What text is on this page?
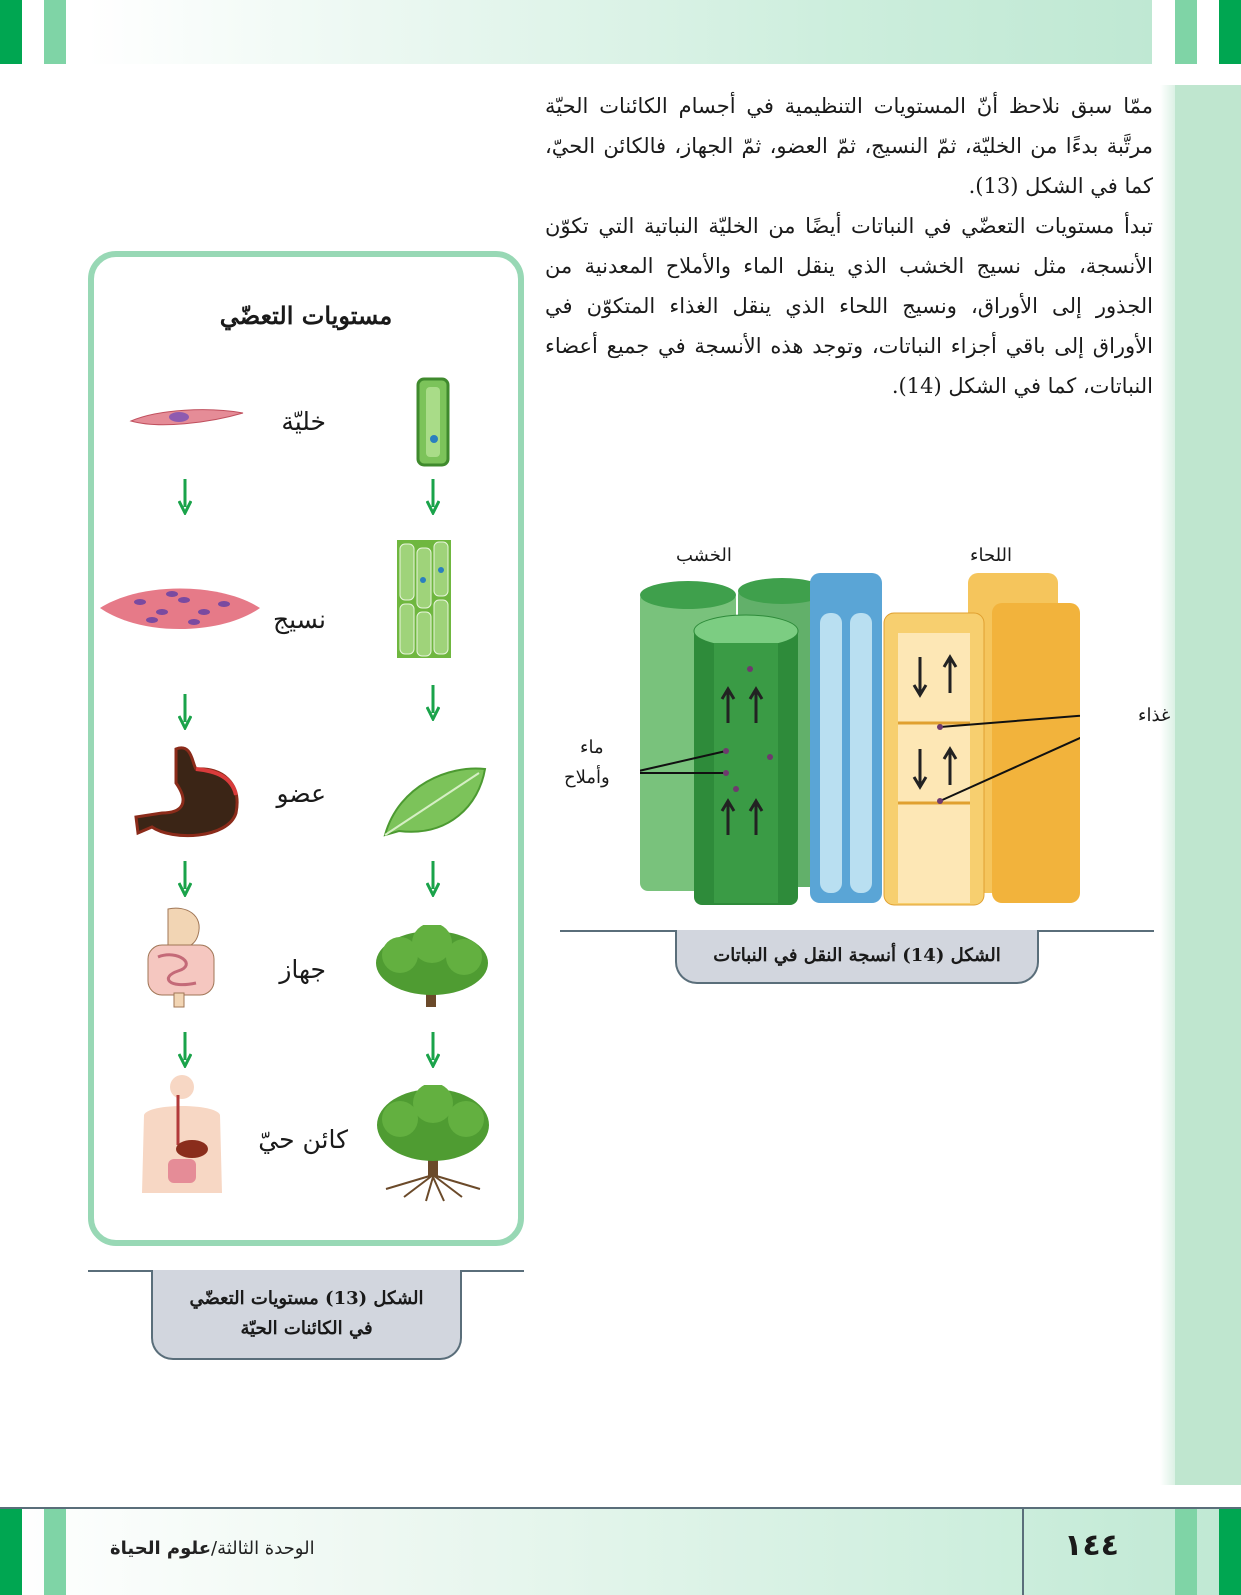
ممّا سبق نلاحظ أنّ المستويات التنظيمية في أجسام الكائنات الحيّة مرتَّبة بدءًا من الخليّة، ثمّ النسيج، ثمّ العضو، ثمّ الجهاز، فالكائن الحيّ، كما في الشكل (13).

تبدأ مستويات التعضّي في النباتات أيضًا من الخليّة النباتية التي تكوّن الأنسجة، مثل نسيج الخشب الذي ينقل الماء والأملاح المعدنية من الجذور إلى الأوراق، ونسيج اللحاء الذي ينقل الغذاء المتكوّن في الأوراق إلى باقي أجزاء النباتات، وتوجد هذه الأنسجة في جميع أعضاء النباتات، كما في الشكل (14).

مستويات التعضّي
خليّة
نسيج
عضو
جهاز
كائن حيّ
الشكل (13) مستويات التعضّي
في الكائنات الحيّة
الخشب	اللحاء
ماء
وأملاح
غذاء
الشكل (14) أنسجة النقل في النباتات
الوحدة الثالثة/علوم الحياة	١٤٤
